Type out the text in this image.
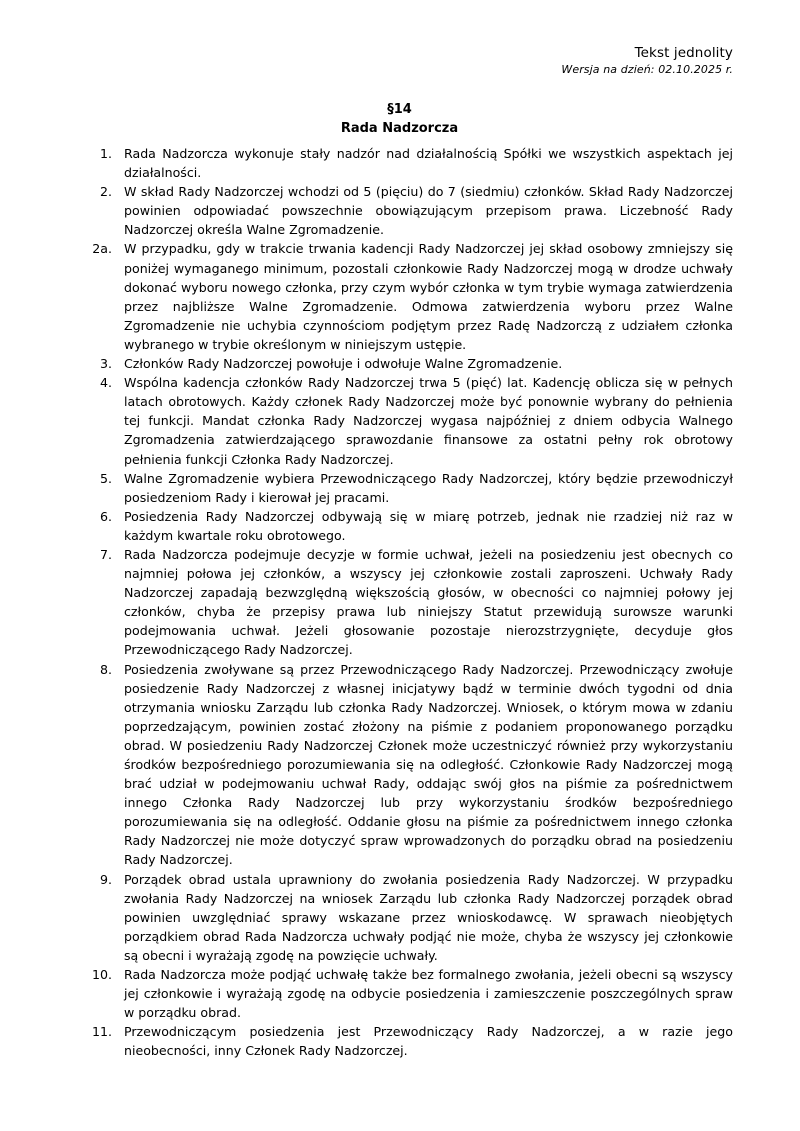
Tekst jednolity
Wersja na dzień: 02.10.2025 r.
§14
Rada Nadzorcza
1. Rada Nadzorcza wykonuje stały nadzór nad działalnością Spółki we wszystkich aspektach jej działalności.
2. W skład Rady Nadzorczej wchodzi od 5 (pięciu) do 7 (siedmiu) członków. Skład Rady Nadzorczej powinien odpowiadać powszechnie obowiązującym przepisom prawa. Liczebność Rady Nadzorczej określa Walne Zgromadzenie.
2a. W przypadku, gdy w trakcie trwania kadencji Rady Nadzorczej jej skład osobowy zmniejszy się poniżej wymaganego minimum, pozostali członkowie Rady Nadzorczej mogą w drodze uchwały dokonać wyboru nowego członka, przy czym wybór członka w tym trybie wymaga zatwierdzenia przez najbliższe Walne Zgromadzenie. Odmowa zatwierdzenia wyboru przez Walne Zgromadzenie nie uchybia czynnościom podjętym przez Radę Nadzorczą z udziałem członka wybranego w trybie określonym w niniejszym ustępie.
3. Członków Rady Nadzorczej powołuje i odwołuje Walne Zgromadzenie.
4. Wspólna kadencja członków Rady Nadzorczej trwa 5 (pięć) lat. Kadencję oblicza się w pełnych latach obrotowych. Każdy członek Rady Nadzorczej może być ponownie wybrany do pełnienia tej funkcji. Mandat członka Rady Nadzorczej wygasa najpóźniej z dniem odbycia Walnego Zgromadzenia zatwierdzającego sprawozdanie finansowe za ostatni pełny rok obrotowy pełnienia funkcji Członka Rady Nadzorczej.
5. Walne Zgromadzenie wybiera Przewodniczącego Rady Nadzorczej, który będzie przewodniczył posiedzeniom Rady i kierował jej pracami.
6. Posiedzenia Rady Nadzorczej odbywają się w miarę potrzeb, jednak nie rzadziej niż raz w każdym kwartale roku obrotowego.
7. Rada Nadzorcza podejmuje decyzje w formie uchwał, jeżeli na posiedzeniu jest obecnych co najmniej połowa jej członków, a wszyscy jej członkowie zostali zaproszeni. Uchwały Rady Nadzorczej zapadają bezwzględną większością głosów, w obecności co najmniej połowy jej członków, chyba że przepisy prawa lub niniejszy Statut przewidują surowsze warunki podejmowania uchwał. Jeżeli głosowanie pozostaje nierozstrzygnięte, decyduje głos Przewodniczącego Rady Nadzorczej.
8. Posiedzenia zwoływane są przez Przewodniczącego Rady Nadzorczej. Przewodniczący zwołuje posiedzenie Rady Nadzorczej z własnej inicjatywy bądź w terminie dwóch tygodni od dnia otrzymania wniosku Zarządu lub członka Rady Nadzorczej. Wniosek, o którym mowa w zdaniu poprzedzającym, powinien zostać złożony na piśmie z podaniem proponowanego porządku obrad. W posiedzeniu Rady Nadzorczej Członek może uczestniczyć również przy wykorzystaniu środków bezpośredniego porozumiewania się na odległość. Członkowie Rady Nadzorczej mogą brać udział w podejmowaniu uchwał Rady, oddając swój głos na piśmie za pośrednictwem innego Członka Rady Nadzorczej lub przy wykorzystaniu środków bezpośredniego porozumiewania się na odległość. Oddanie głosu na piśmie za pośrednictwem innego członka Rady Nadzorczej nie może dotyczyć spraw wprowadzonych do porządku obrad na posiedzeniu Rady Nadzorczej.
9. Porządek obrad ustala uprawniony do zwołania posiedzenia Rady Nadzorczej. W przypadku zwołania Rady Nadzorczej na wniosek Zarządu lub członka Rady Nadzorczej porządek obrad powinien uwzględniać sprawy wskazane przez wnioskodawcę. W sprawach nieobjętych porządkiem obrad Rada Nadzorcza uchwały podjąć nie może, chyba że wszyscy jej członkowie są obecni i wyrażają zgodę na powzięcie uchwały.
10. Rada Nadzorcza może podjąć uchwałę także bez formalnego zwołania, jeżeli obecni są wszyscy jej członkowie i wyrażają zgodę na odbycie posiedzenia i zamieszczenie poszczególnych spraw w porządku obrad.
11. Przewodniczącym posiedzenia jest Przewodniczący Rady Nadzorczej, a w razie jego nieobecności, inny Członek Rady Nadzorczej.
